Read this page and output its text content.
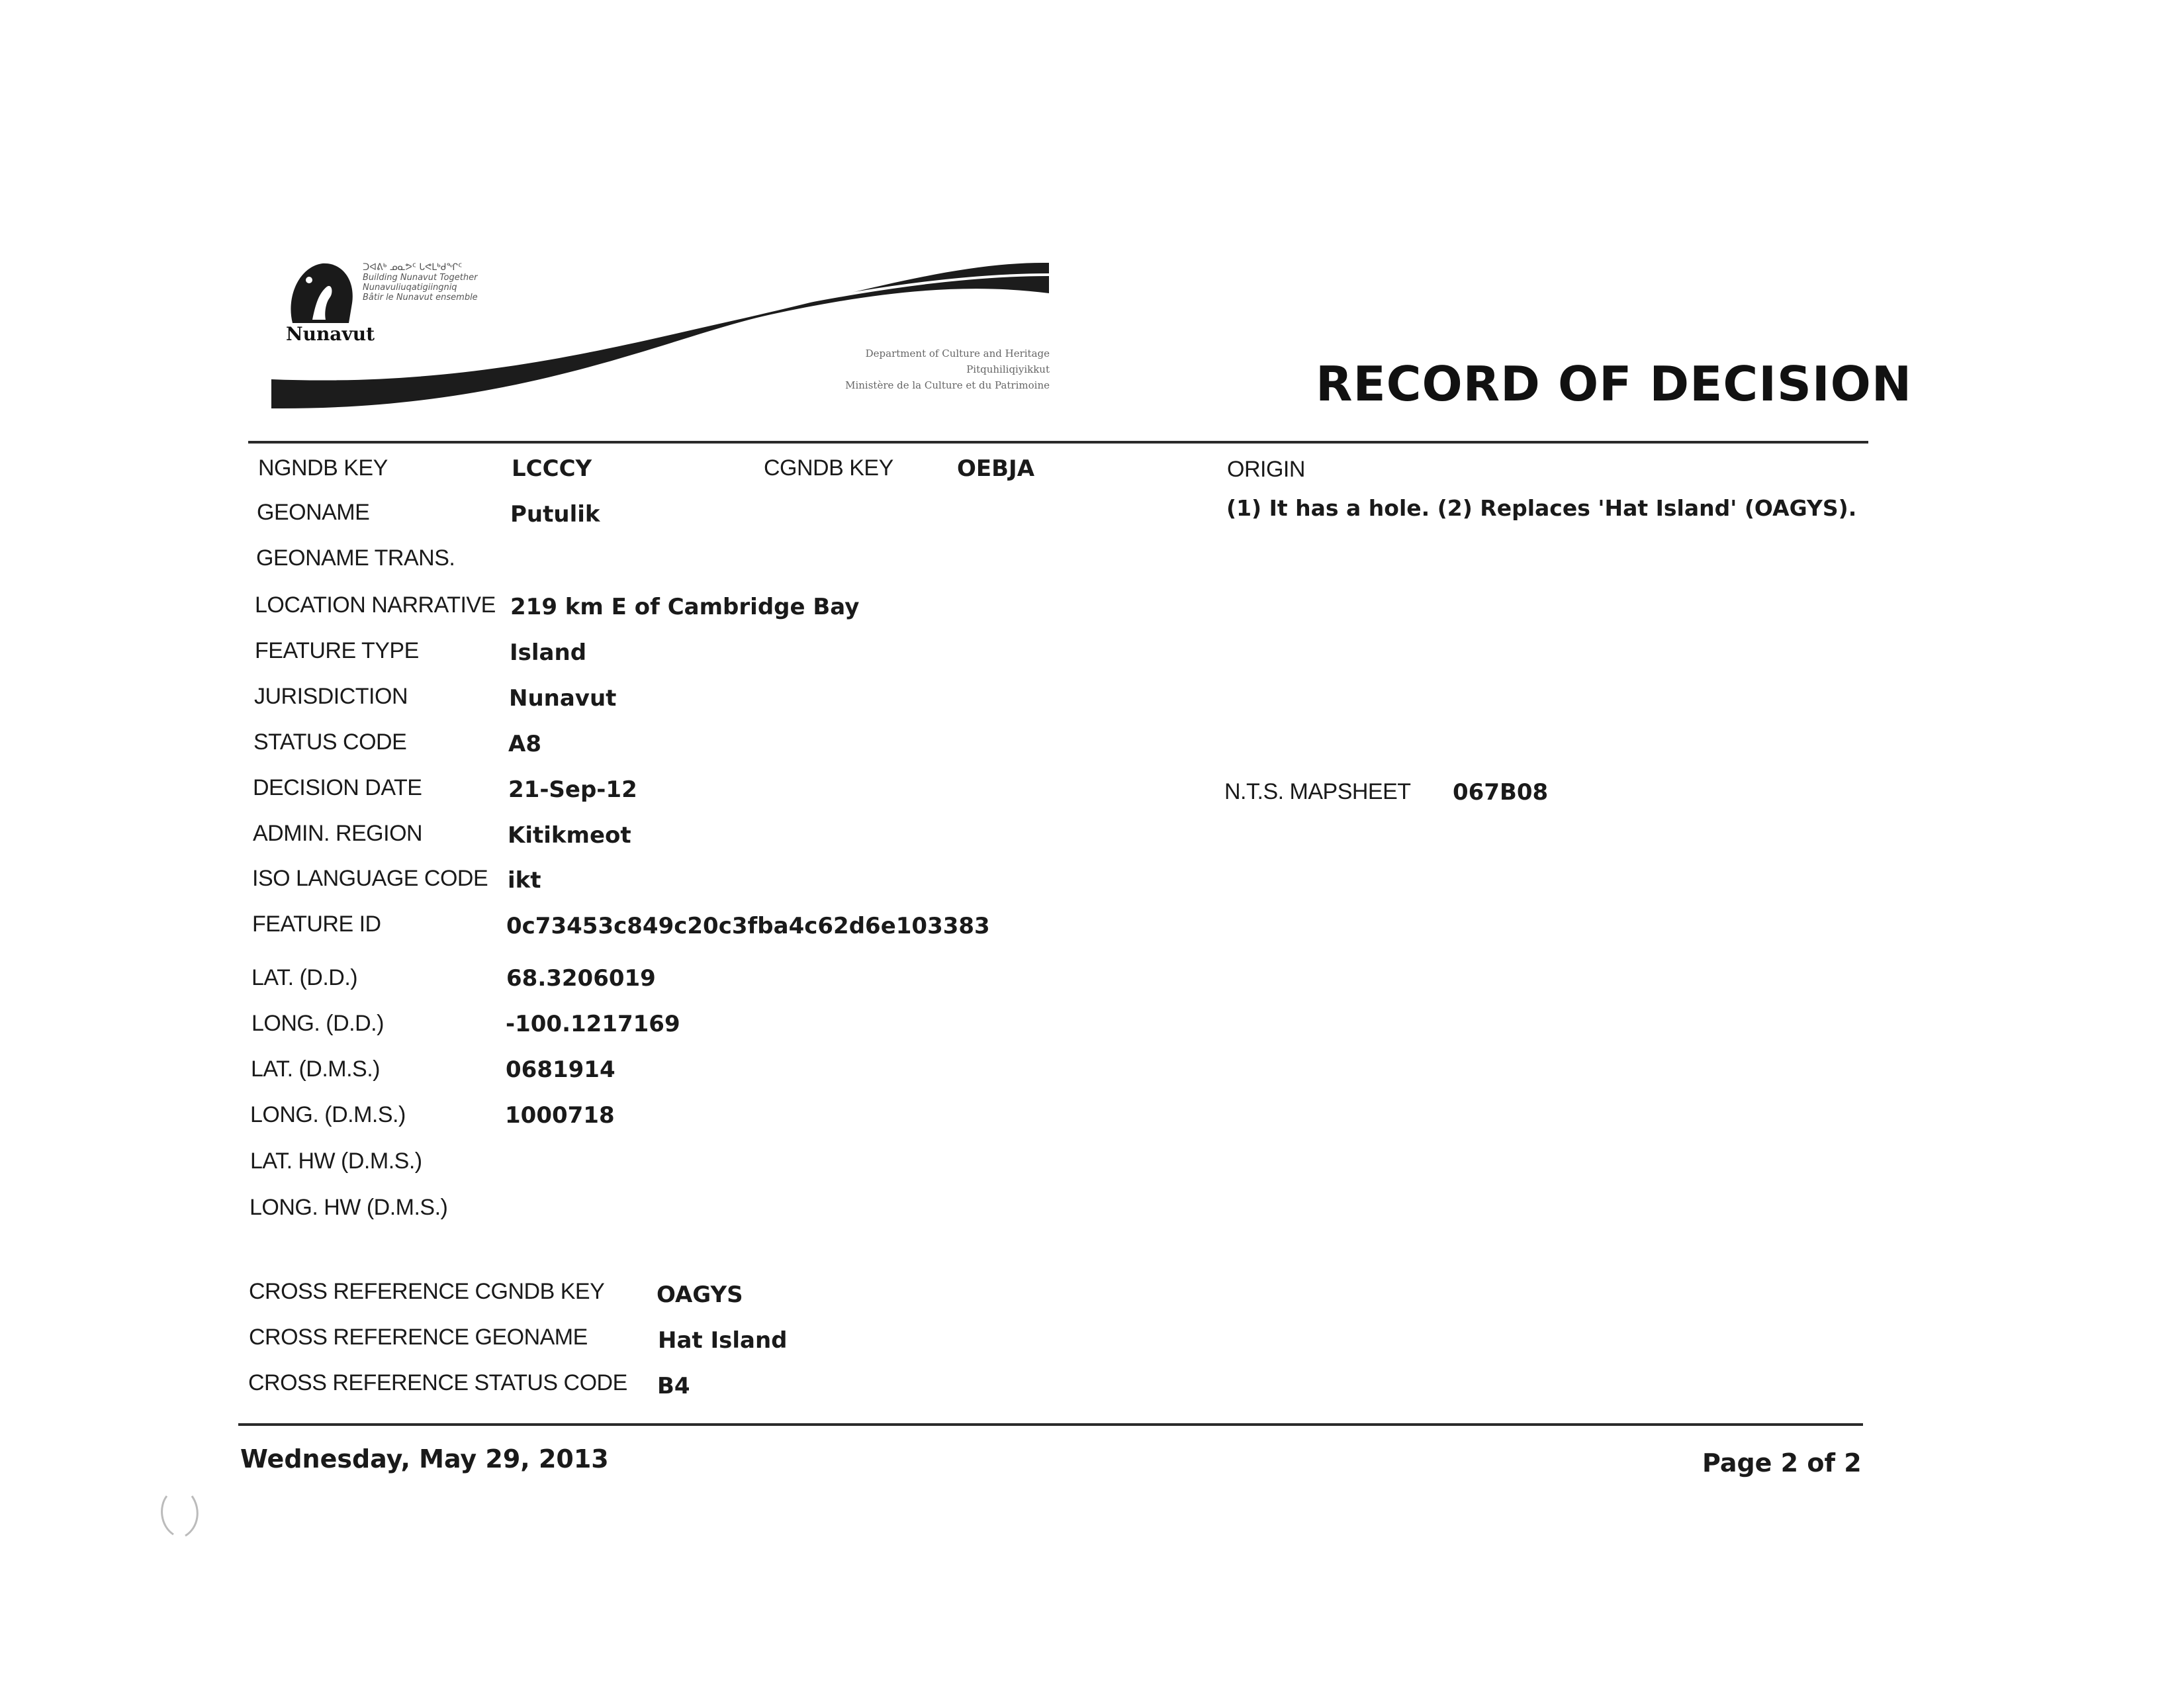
Nunavut
ᑐᐊᕕᒃ ᓄᓇᕗᑦ ᒐᕙᒪᒃᑯᖏᑦ
Building Nunavut Together
Nunavuliuqatigiingniq
Bâtir le Nunavut ensemble
Department of Culture and Heritage
Pitquhiliqiyikkut
Ministère de la Culture et du Patrimoine	RECORD OF DECISION
NGNDB KEY	LCCCY
GEONAME	Putulik
GEONAME TRANS.
LOCATION NARRATIVE 219 km E of Cambridge Bay
FEATURE TYPE	Island
JURISDICTION	Nunavut
STATUS CODE	A8
DECISION DATE	21-Sep-12
ADMIN. REGION	Kitikmeot
ISO LANGUAGE CODE ikt
FEATURE ID	0c73453c849c20c3fba4c62d6e103383
LAT. (D.D.)	68.3206019
LONG. (D.D.)	-100.1217169
LAT. (D.M.S.)	0681914
LONG. (D.M.S.)	1000718
LAT. HW (D.M.S.)
LONG. HW (D.M.S.)
CGNDB KEY	OEBJA	ORIGIN
(1) It has a hole. (2) Replaces 'Hat Island' (OAGYS).
N.T.S. MAPSHEET 067B08
CROSS REFERENCE CGNDB KEY OAGYS
CROSS REFERENCE GEONAME	Hat Island
CROSS REFERENCE STATUS CODE B4
Wednesday, May 29, 2013	Page 2 of 2
